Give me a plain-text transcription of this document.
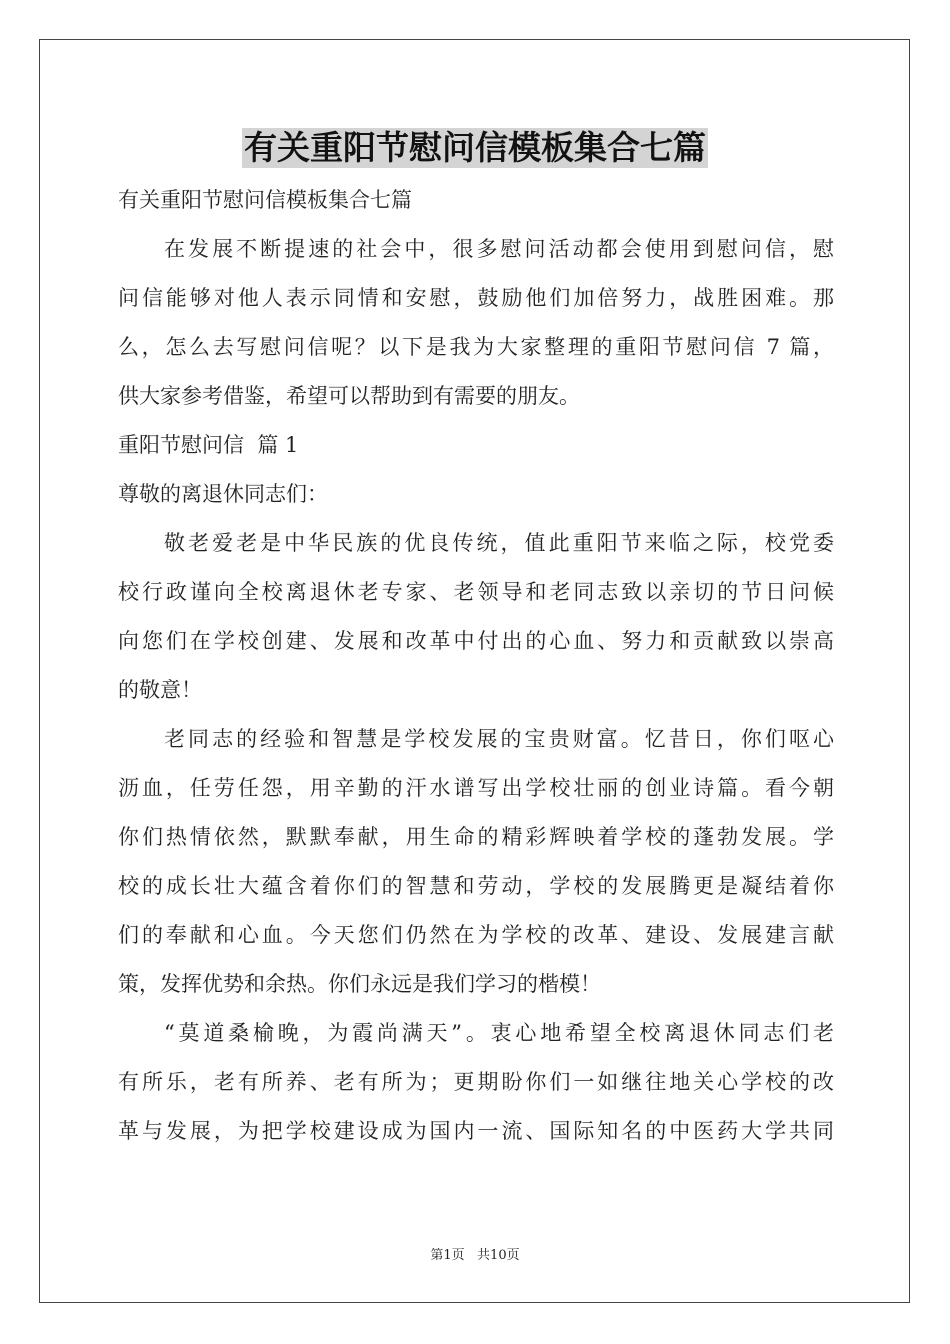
有关重阳节慰问信模板集合七篇
有关重阳节慰问信模板集合七篇
在发展不断提速的社会中，很多慰问活动都会使用到慰问信，慰
问信能够对他人表示同情和安慰，鼓励他们加倍努力，战胜困难。那
么，怎么去写慰问信呢？以下是我为大家整理的重阳节慰问信 7 篇，
供大家参考借鉴，希望可以帮助到有需要的朋友。
重阳节慰问信  篇 1
尊敬的离退休同志们：
敬老爱老是中华民族的优良传统，值此重阳节来临之际，校党委
校行政谨向全校离退休老专家、老领导和老同志致以亲切的节日问候
向您们在学校创建、发展和改革中付出的心血、努力和贡献致以崇高
的敬意！
老同志的经验和智慧是学校发展的宝贵财富。忆昔日，你们呕心
沥血，任劳任怨，用辛勤的汗水谱写出学校壮丽的创业诗篇。看今朝
你们热情依然，默默奉献，用生命的精彩辉映着学校的蓬勃发展。学
校的成长壮大蕴含着你们的智慧和劳动，学校的发展腾更是凝结着你
们的奉献和心血。今天您们仍然在为学校的改革、建设、发展建言献
策，发挥优势和余热。你们永远是我们学习的楷模！
“莫道桑榆晚，为霞尚满天”。衷心地希望全校离退休同志们老
有所乐，老有所养、老有所为；更期盼你们一如继往地关心学校的改
革与发展，为把学校建设成为国内一流、国际知名的中医药大学共同
第1页   共10页
